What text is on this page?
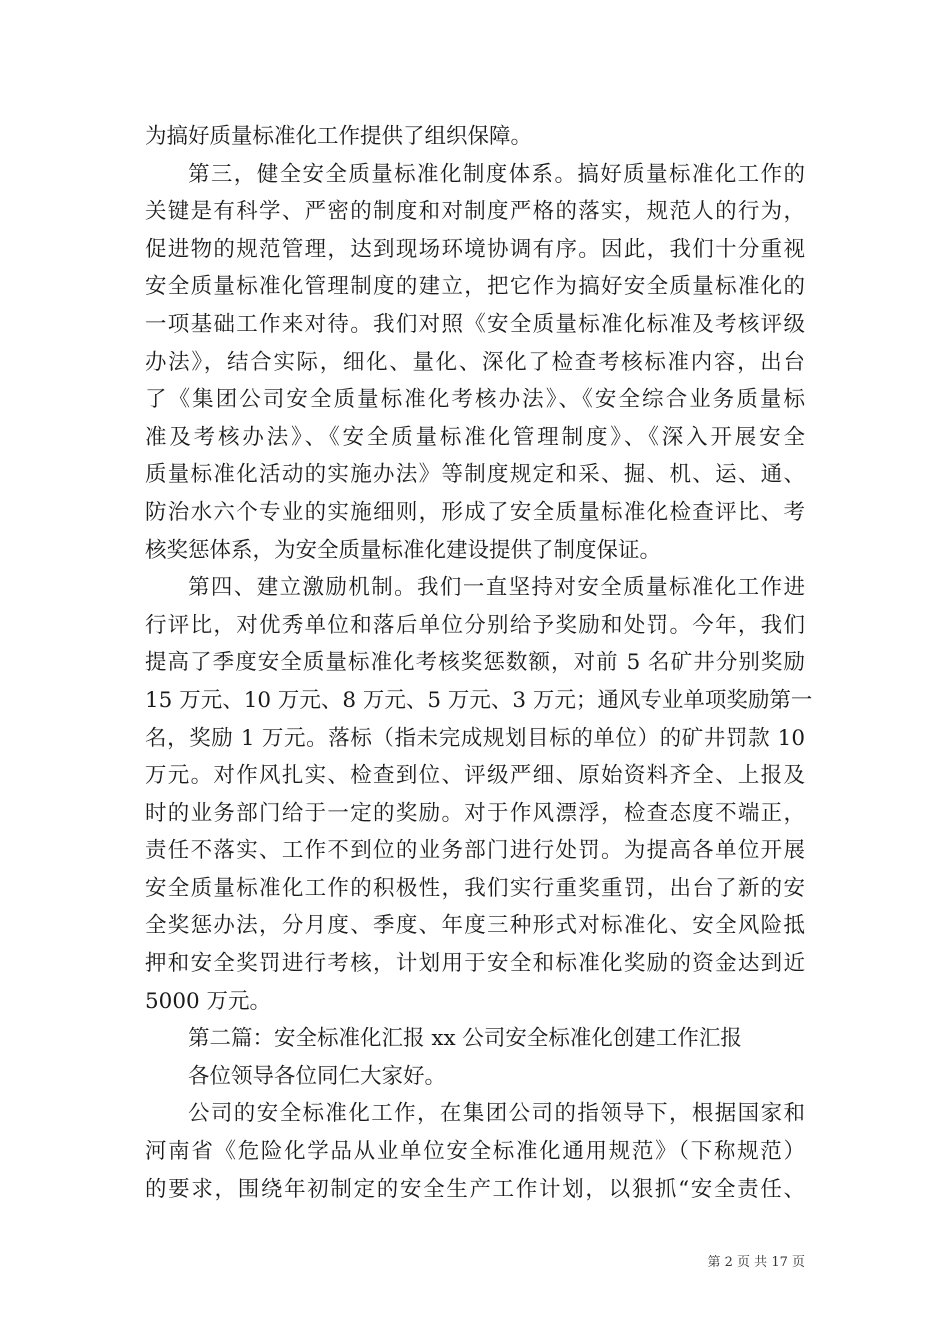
为搞好质量标准化工作提供了组织保障。
第三，健全安全质量标准化制度体系。搞好质量标准化工作的
关键是有科学、严密的制度和对制度严格的落实，规范人的行为，
促进物的规范管理，达到现场环境协调有序。因此，我们十分重视
安全质量标准化管理制度的建立，把它作为搞好安全质量标准化的
一项基础工作来对待。我们对照《安全质量标准化标准及考核评级
办法》，结合实际，细化、量化、深化了检查考核标准内容，出台
了《集团公司安全质量标准化考核办法》、《安全综合业务质量标
准及考核办法》、《安全质量标准化管理制度》、《深入开展安全
质量标准化活动的实施办法》等制度规定和采、掘、机、运、通、
防治水六个专业的实施细则，形成了安全质量标准化检查评比、考
核奖惩体系，为安全质量标准化建设提供了制度保证。
第四、建立激励机制。我们一直坚持对安全质量标准化工作进
行评比，对优秀单位和落后单位分别给予奖励和处罚。今年，我们
提高了季度安全质量标准化考核奖惩数额，对前 5 名矿井分别奖励
15 万元、10 万元、8 万元、5 万元、3 万元；通风专业单项奖励第一
名，奖励 1 万元。落标（指未完成规划目标的单位）的矿井罚款 10
万元。对作风扎实、检查到位、评级严细、原始资料齐全、上报及
时的业务部门给于一定的奖励。对于作风漂浮，检查态度不端正，
责任不落实、工作不到位的业务部门进行处罚。为提高各单位开展
安全质量标准化工作的积极性，我们实行重奖重罚，出台了新的安
全奖惩办法，分月度、季度、年度三种形式对标准化、安全风险抵
押和安全奖罚进行考核，计划用于安全和标准化奖励的资金达到近
5000 万元。
第二篇：安全标准化汇报 xx 公司安全标准化创建工作汇报
各位领导各位同仁大家好。
公司的安全标准化工作，在集团公司的指领导下，根据国家和
河南省《危险化学品从业单位安全标准化通用规范》（下称规范）
的要求，围绕年初制定的安全生产工作计划，以狠抓“安全责任、
第 2 页 共 17 页
